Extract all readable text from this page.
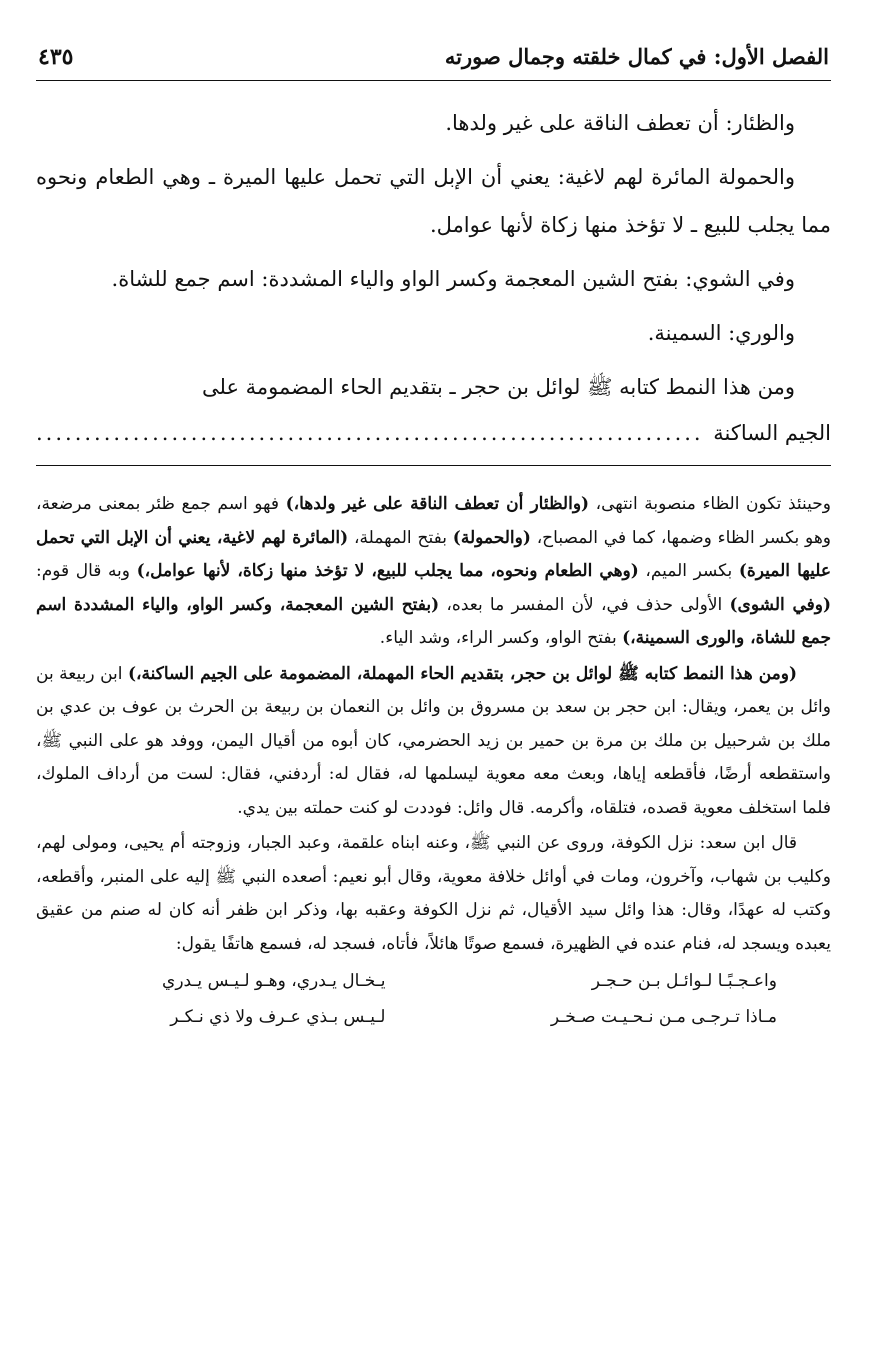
الفصل الأول: في كمال خلقته وجمال صورته
٤٣٥

والظئار: أن تعطف الناقة على غير ولدها.

والحمولة المائرة لهم لاغية: يعني أن الإبل التي تحمل عليها الميرة ـ وهي الطعام ونحوه مما يجلب للبيع ـ لا تؤخذ منها زكاة لأنها عوامل.

وفي الشوي: بفتح الشين المعجمة وكسر الواو والياء المشددة: اسم جمع للشاة.

والوري: السمينة.

ومن هذا النمط كتابه ﷺ لوائل بن حجر ـ بتقديم الحاء المضمومة على

الجيم الساكنة
.....................................................................

وحينئذ تكون الظاء منصوبة انتهى، (والظئار أن تعطف الناقة على غير ولدها،) فهو اسم جمع ظئر بمعنى مرضعة، وهو بكسر الظاء وضمها، كما في المصباح، (والحمولة) بفتح المهملة، (المائرة لهم لاغية، يعني أن الإبل التي تحمل عليها الميرة) بكسر الميم، (وهي الطعام ونحوه، مما يجلب للبيع، لا تؤخذ منها زكاة، لأنها عوامل،) وبه قال قوم: (وفي الشوى) الأولى حذف في، لأن المفسر ما بعده، (بفتح الشين المعجمة، وكسر الواو، والياء المشددة اسم جمع للشاة، والورى السمينة،) بفتح الواو، وكسر الراء، وشد الياء.

(ومن هذا النمط كتابه ﷺ لوائل بن حجر، بتقديم الحاء المهملة، المضمومة على الجيم الساكنة،) ابن ربيعة بن وائل بن يعمر، ويقال: ابن حجر بن سعد بن مسروق بن وائل بن النعمان بن ربيعة بن الحرث بن عوف بن عدي بن ملك بن شرحبيل بن ملك بن مرة بن حمير بن زيد الحضرمي، كان أبوه من أقيال اليمن، ووفد هو على النبي ﷺ، واستقطعه أرضًا، فأقطعه إياها، وبعث معه معوية ليسلمها له، فقال له: أردفني، فقال: لست من أرداف الملوك، فلما استخلف معوية قصده، فتلقاه، وأكرمه. قال وائل: فوددت لو كنت حملته بين يدي.

قال ابن سعد: نزل الكوفة، وروى عن النبي ﷺ، وعنه ابناه علقمة، وعبد الجبار، وزوجته أم يحيى، ومولى لهم، وكليب بن شهاب، وآخرون، ومات في أوائل خلافة معوية، وقال أبو نعيم: أصعده النبي ﷺ إليه على المنبر، وأقطعه، وكتب له عهدًا، وقال: هذا وائل سيد الأقيال، ثم نزل الكوفة وعقبه بها، وذكر ابن ظفر أنه كان له صنم من عقيق يعبده ويسجد له، فنام عنده في الظهيرة، فسمع صوتًا هائلاً، فأتاه، فسجد له، فسمع هاتفًا يقول:

واعـجـبًـا لـوائـل بـن حـجـر
يـخـال يـدري، وهـو لـيـس يـدري
مـاذا تـرجـى مـن نـحـيـت صـخـر
لـيـس بـذي عـرف ولا ذي نـكـر
